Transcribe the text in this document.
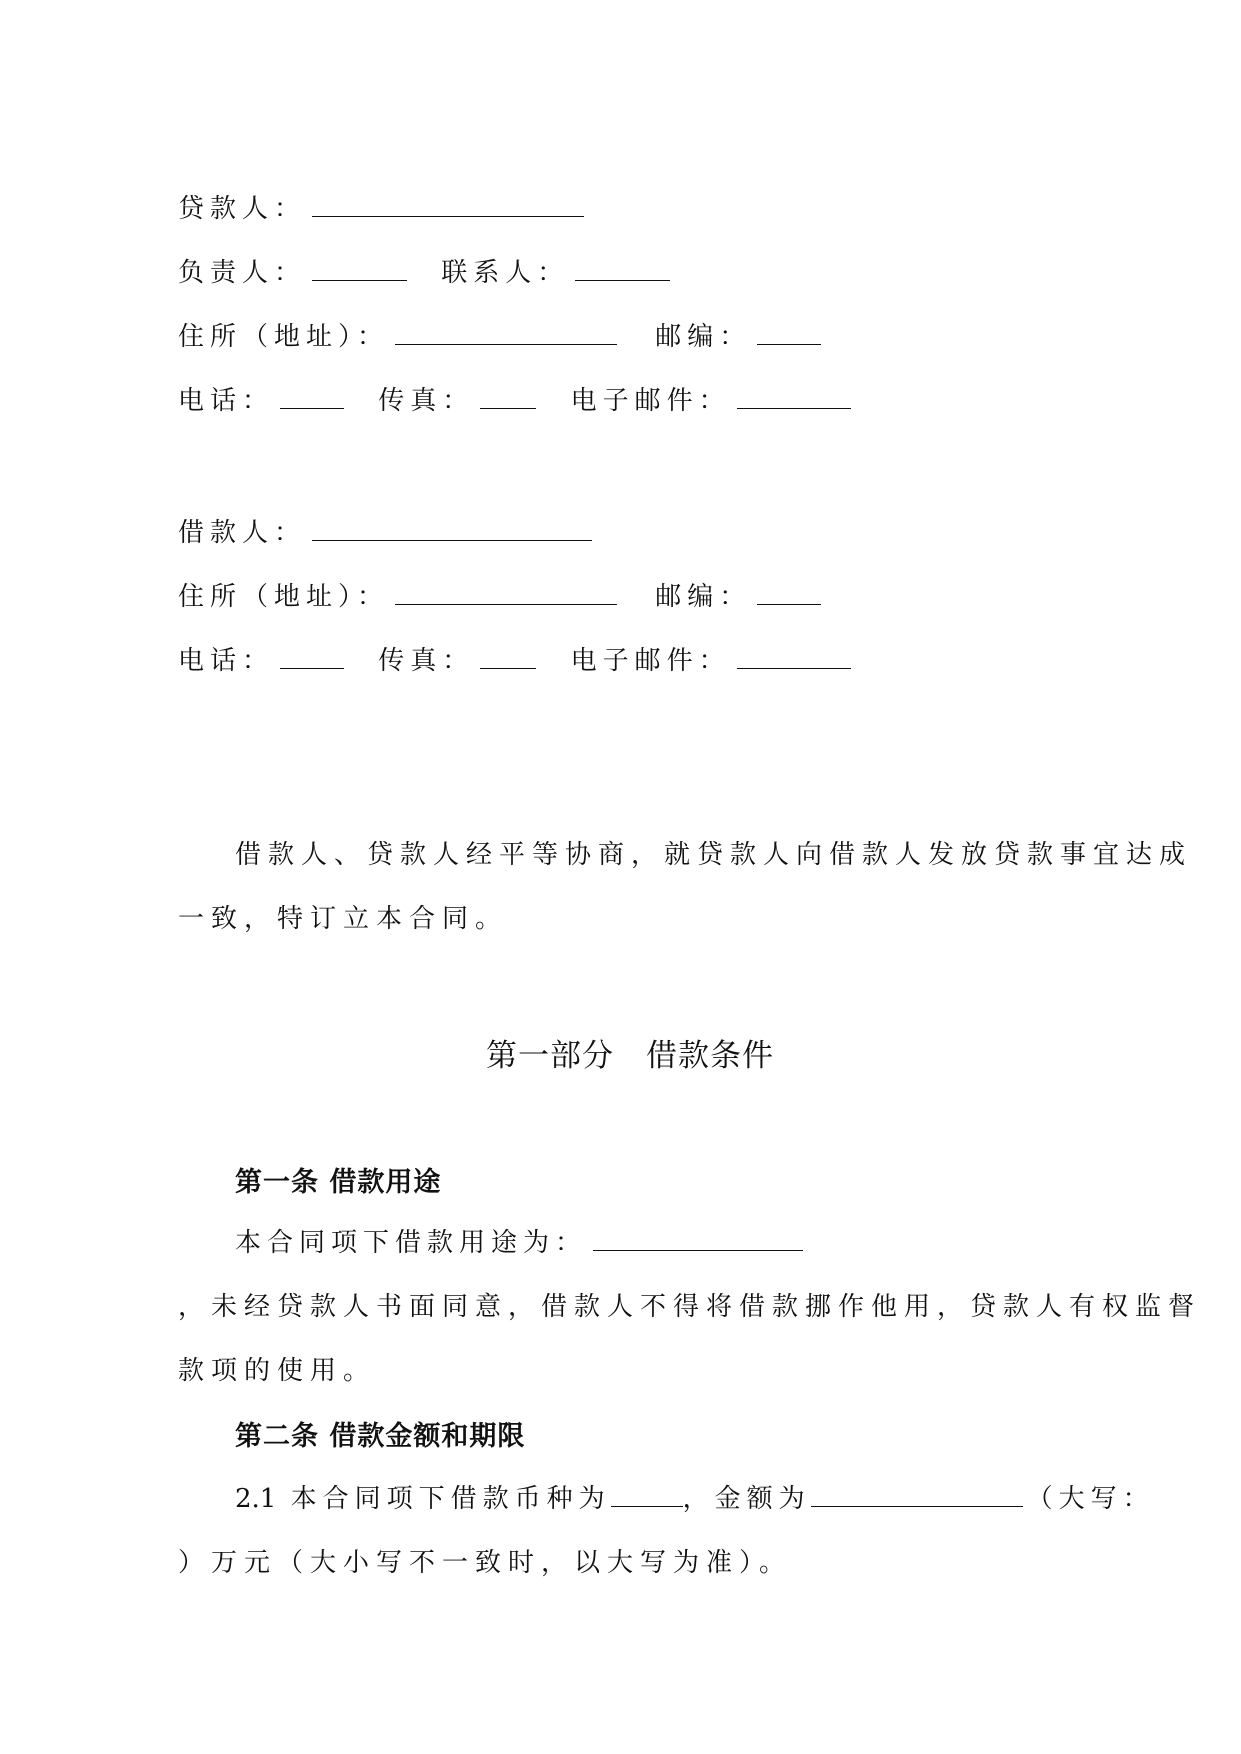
贷款人：
负责人：	联系人：
住所（地址）：	邮编：
电话：	传真：	电子邮件：
借款人：
住所（地址）：	邮编：
电话：	传真：	电子邮件：
借款人、贷款人经平等协商，就贷款人向借款人发放贷款事宜达成
一致，特订立本合同。
第一部分　借款条件
第一条 借款用途
本合同项下借款用途为：
，未经贷款人书面同意，借款人不得将借款挪作他用，贷款人有权监督
款项的使用。
第二条 借款金额和期限
2.1 本合同项下借款币种为	，金额为	（大写：
）万元（大小写不一致时，以大写为准）。
